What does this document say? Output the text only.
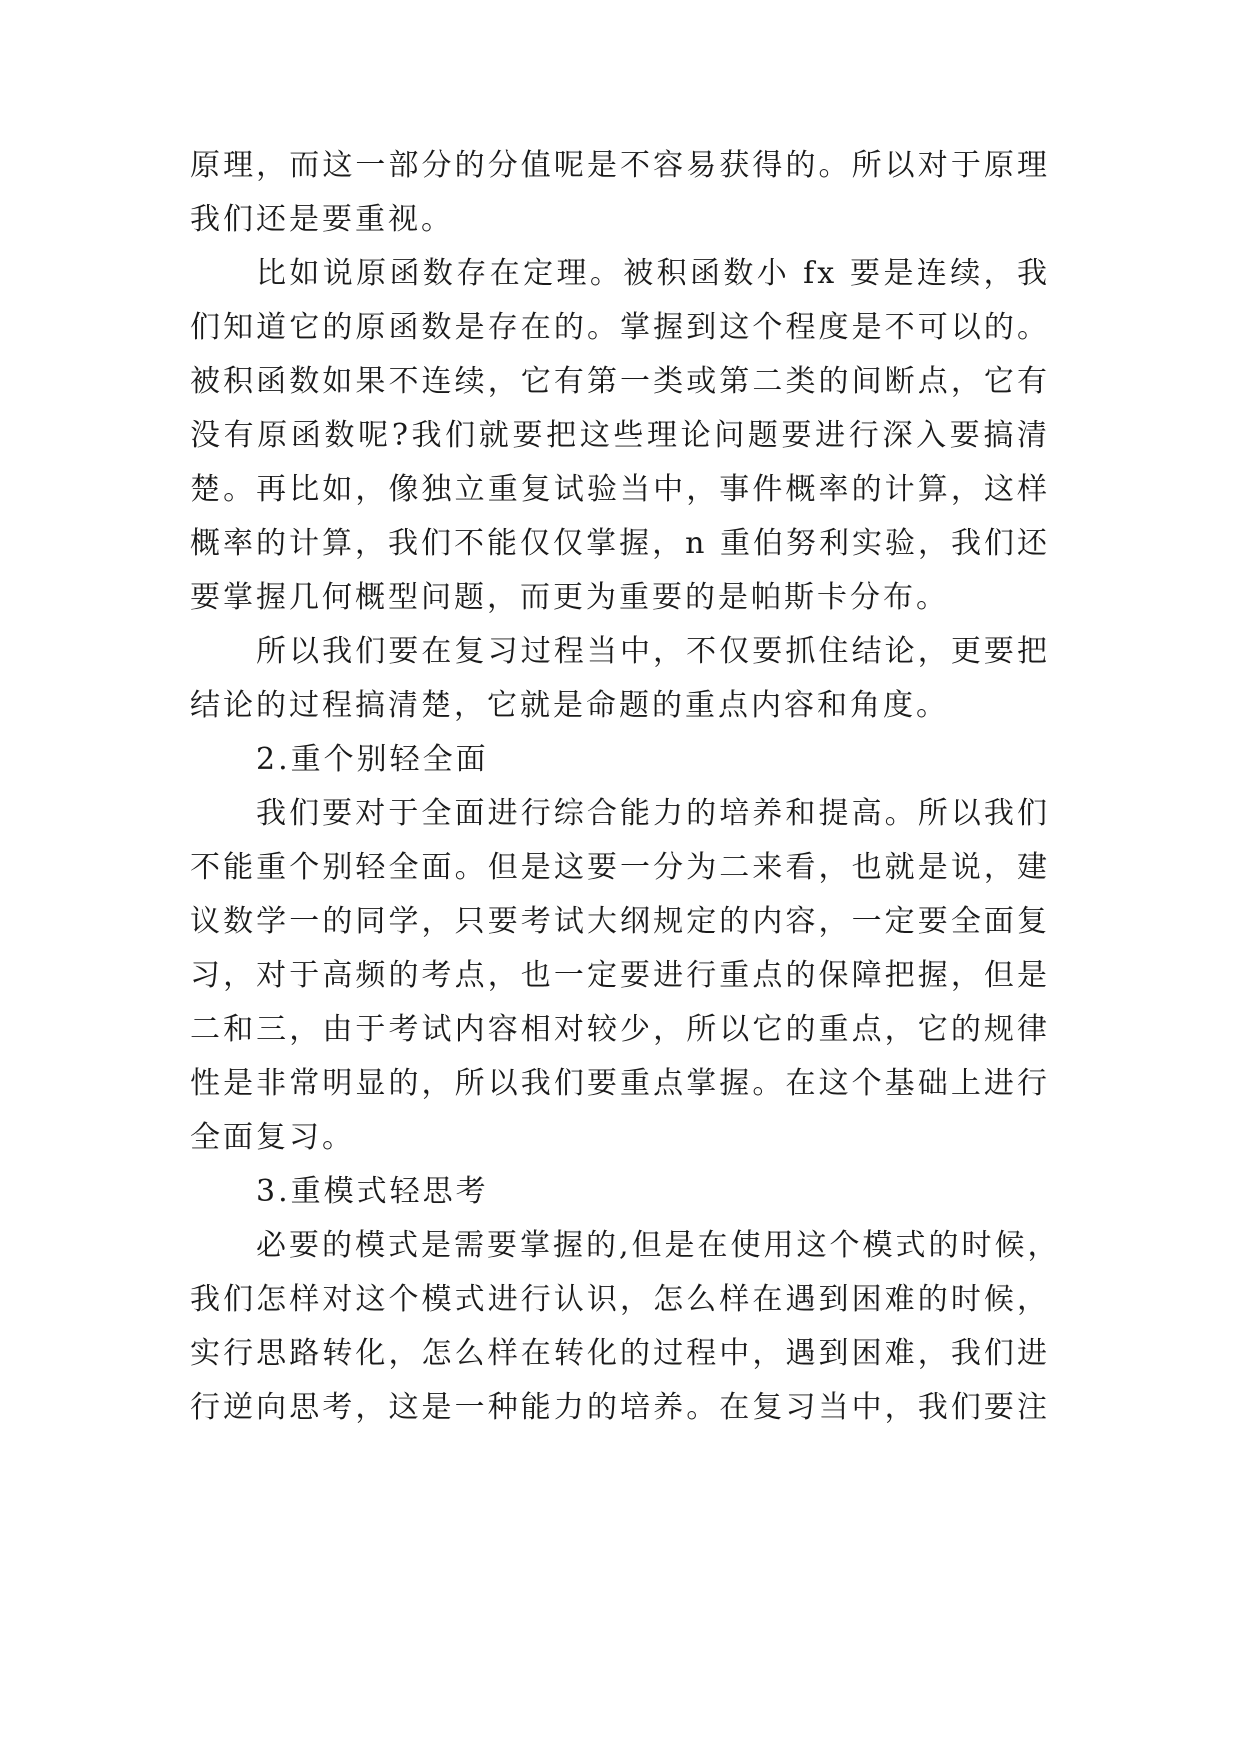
原理，而这一部分的分值呢是不容易获得的。所以对于原理
我们还是要重视。
比如说原函数存在定理。被积函数小 fx 要是连续，我
们知道它的原函数是存在的。掌握到这个程度是不可以的。
被积函数如果不连续，它有第一类或第二类的间断点，它有
没有原函数呢?我们就要把这些理论问题要进行深入要搞清
楚。再比如，像独立重复试验当中，事件概率的计算，这样
概率的计算，我们不能仅仅掌握，n 重伯努利实验，我们还
要掌握几何概型问题，而更为重要的是帕斯卡分布。
所以我们要在复习过程当中，不仅要抓住结论，更要把
结论的过程搞清楚，它就是命题的重点内容和角度。
2.重个别轻全面
我们要对于全面进行综合能力的培养和提高。所以我们
不能重个别轻全面。但是这要一分为二来看，也就是说，建
议数学一的同学，只要考试大纲规定的内容，一定要全面复
习，对于高频的考点，也一定要进行重点的保障把握，但是
二和三，由于考试内容相对较少，所以它的重点，它的规律
性是非常明显的，所以我们要重点掌握。在这个基础上进行
全面复习。
3.重模式轻思考
必要的模式是需要掌握的,但是在使用这个模式的时候，
我们怎样对这个模式进行认识，怎么样在遇到困难的时候，
实行思路转化，怎么样在转化的过程中，遇到困难，我们进
行逆向思考，这是一种能力的培养。在复习当中，我们要注
